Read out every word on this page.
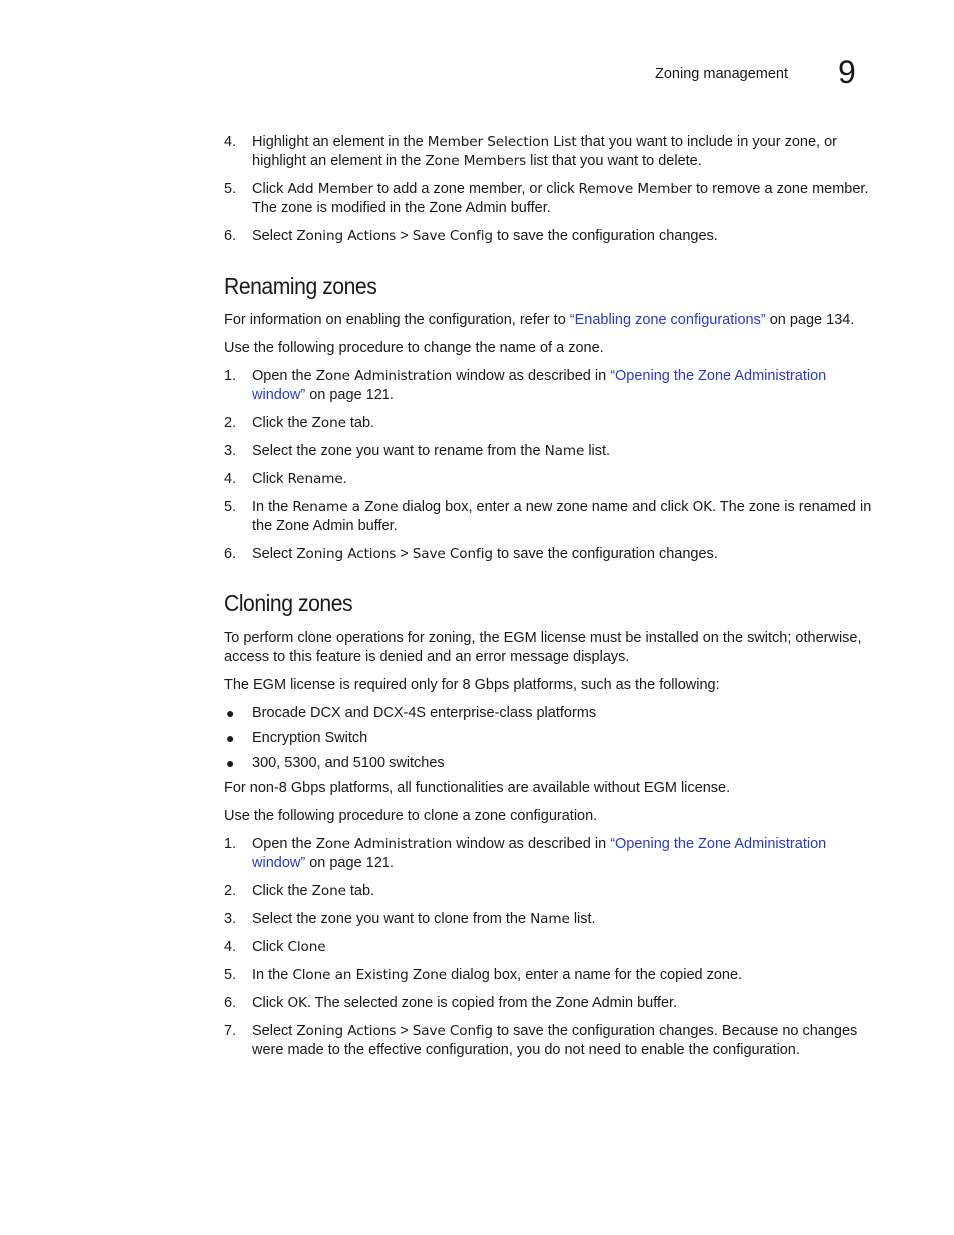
Zoning management 9
4. Highlight an element in the Member Selection List that you want to include in your zone, or highlight an element in the Zone Members list that you want to delete.
5. Click Add Member to add a zone member, or click Remove Member to remove a zone member. The zone is modified in the Zone Admin buffer.
6. Select Zoning Actions > Save Config to save the configuration changes.
Renaming zones

For information on enabling the configuration, refer to “Enabling zone configurations” on page 134.

Use the following procedure to change the name of a zone.

1. Open the Zone Administration window as described in “Opening the Zone Administration window” on page 121.
2. Click the Zone tab.
3. Select the zone you want to rename from the Name list.
4. Click Rename.
5. In the Rename a Zone dialog box, enter a new zone name and click OK. The zone is renamed in the Zone Admin buffer.
6. Select Zoning Actions > Save Config to save the configuration changes.
Cloning zones

To perform clone operations for zoning, the EGM license must be installed on the switch; otherwise, access to this feature is denied and an error message displays.

The EGM license is required only for 8 Gbps platforms, such as the following:

● Brocade DCX and DCX-4S enterprise-class platforms
● Encryption Switch
● 300, 5300, and 5100 switches

For non-8 Gbps platforms, all functionalities are available without EGM license.

Use the following procedure to clone a zone configuration.

1. Open the Zone Administration window as described in “Opening the Zone Administration window” on page 121.
2. Click the Zone tab.
3. Select the zone you want to clone from the Name list.
4. Click Clone
5. In the Clone an Existing Zone dialog box, enter a name for the copied zone.
6. Click OK. The selected zone is copied from the Zone Admin buffer.
7. Select Zoning Actions > Save Config to save the configuration changes. Because no changes were made to the effective configuration, you do not need to enable the configuration.
